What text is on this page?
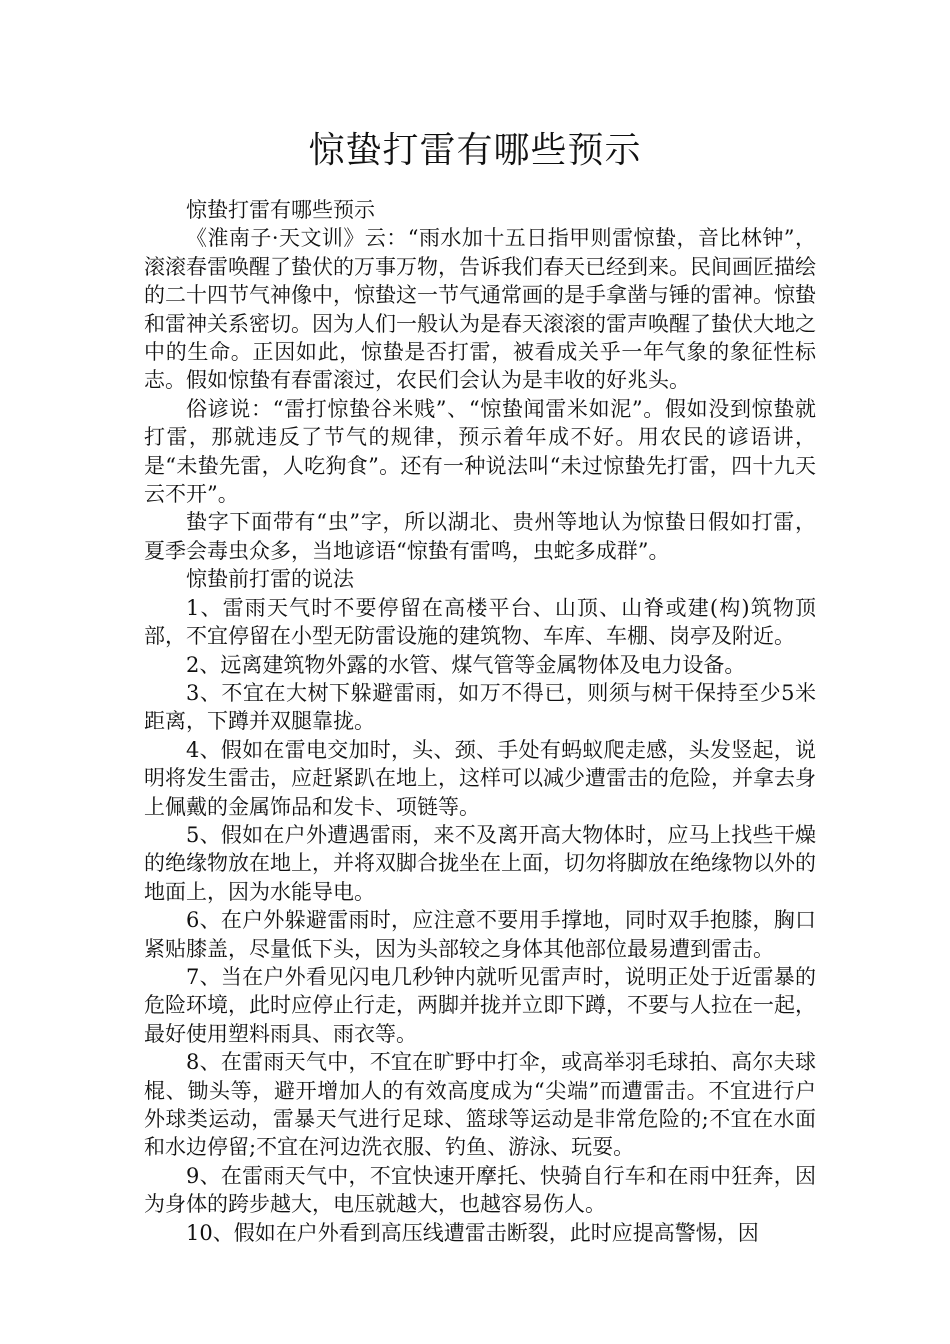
惊蛰打雷有哪些预示

惊蛰打雷有哪些预示

《淮南子·天文训》云：“雨水加十五日指甲则雷惊蛰，音比林钟”，滚滚春雷唤醒了蛰伏的万事万物，告诉我们春天已经到来。民间画匠描绘的二十四节气神像中，惊蛰这一节气通常画的是手拿凿与锤的雷神。惊蛰和雷神关系密切。因为人们一般认为是春天滚滚的雷声唤醒了蛰伏大地之中的生命。正因如此，惊蛰是否打雷，被看成关乎一年气象的象征性标志。假如惊蛰有春雷滚过，农民们会认为是丰收的好兆头。

俗谚说：“雷打惊蛰谷米贱”、“惊蛰闻雷米如泥”。假如没到惊蛰就打雷，那就违反了节气的规律，预示着年成不好。用农民的谚语讲，是“未蛰先雷，人吃狗食”。还有一种说法叫“未过惊蛰先打雷，四十九天云不开”。

蛰字下面带有“虫”字，所以湖北、贵州等地认为惊蛰日假如打雷，夏季会毒虫众多，当地谚语“惊蛰有雷鸣，虫蛇多成群”。

惊蛰前打雷的说法

1、雷雨天气时不要停留在高楼平台、山顶、山脊或建(构)筑物顶部，不宜停留在小型无防雷设施的建筑物、车库、车棚、岗亭及附近。

2、远离建筑物外露的水管、煤气管等金属物体及电力设备。

3、不宜在大树下躲避雷雨，如万不得已，则须与树干保持至少5米距离，下蹲并双腿靠拢。

4、假如在雷电交加时，头、颈、手处有蚂蚁爬走感，头发竖起，说明将发生雷击，应赶紧趴在地上，这样可以减少遭雷击的危险，并拿去身上佩戴的金属饰品和发卡、项链等。

5、假如在户外遭遇雷雨，来不及离开高大物体时，应马上找些干燥的绝缘物放在地上，并将双脚合拢坐在上面，切勿将脚放在绝缘物以外的地面上，因为水能导电。

6、在户外躲避雷雨时，应注意不要用手撑地，同时双手抱膝，胸口紧贴膝盖，尽量低下头，因为头部较之身体其他部位最易遭到雷击。

7、当在户外看见闪电几秒钟内就听见雷声时，说明正处于近雷暴的危险环境，此时应停止行走，两脚并拢并立即下蹲，不要与人拉在一起，最好使用塑料雨具、雨衣等。

8、在雷雨天气中，不宜在旷野中打伞，或高举羽毛球拍、高尔夫球棍、锄头等，避开增加人的有效高度成为“尖端”而遭雷击。不宜进行户外球类运动，雷暴天气进行足球、篮球等运动是非常危险的;不宜在水面和水边停留;不宜在河边洗衣服、钓鱼、游泳、玩耍。

9、在雷雨天气中，不宜快速开摩托、快骑自行车和在雨中狂奔，因为身体的跨步越大，电压就越大，也越容易伤人。

10、假如在户外看到高压线遭雷击断裂，此时应提高警惕，因
